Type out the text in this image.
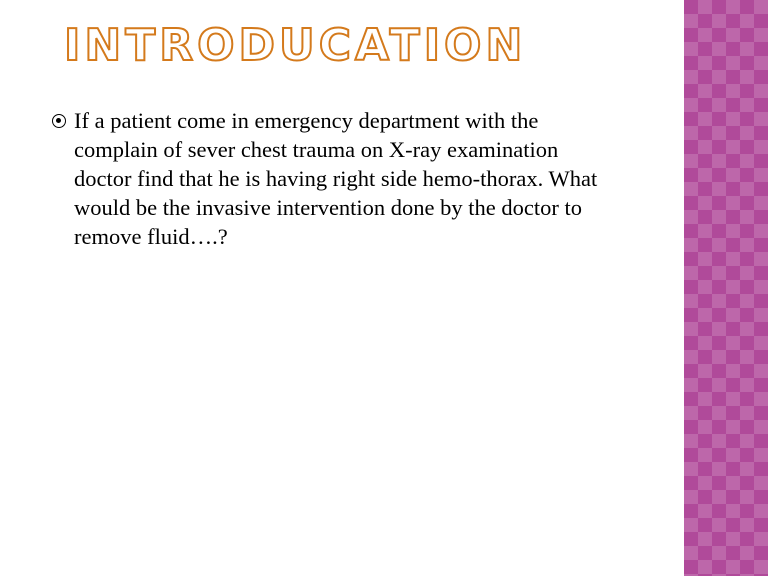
INTRODUCATION

If a patient come in emergency department with the
complain of sever chest trauma on X-ray examination
doctor find that he is having right side hemo-thorax. What
would be the invasive intervention done by the doctor to
remove fluid….?
